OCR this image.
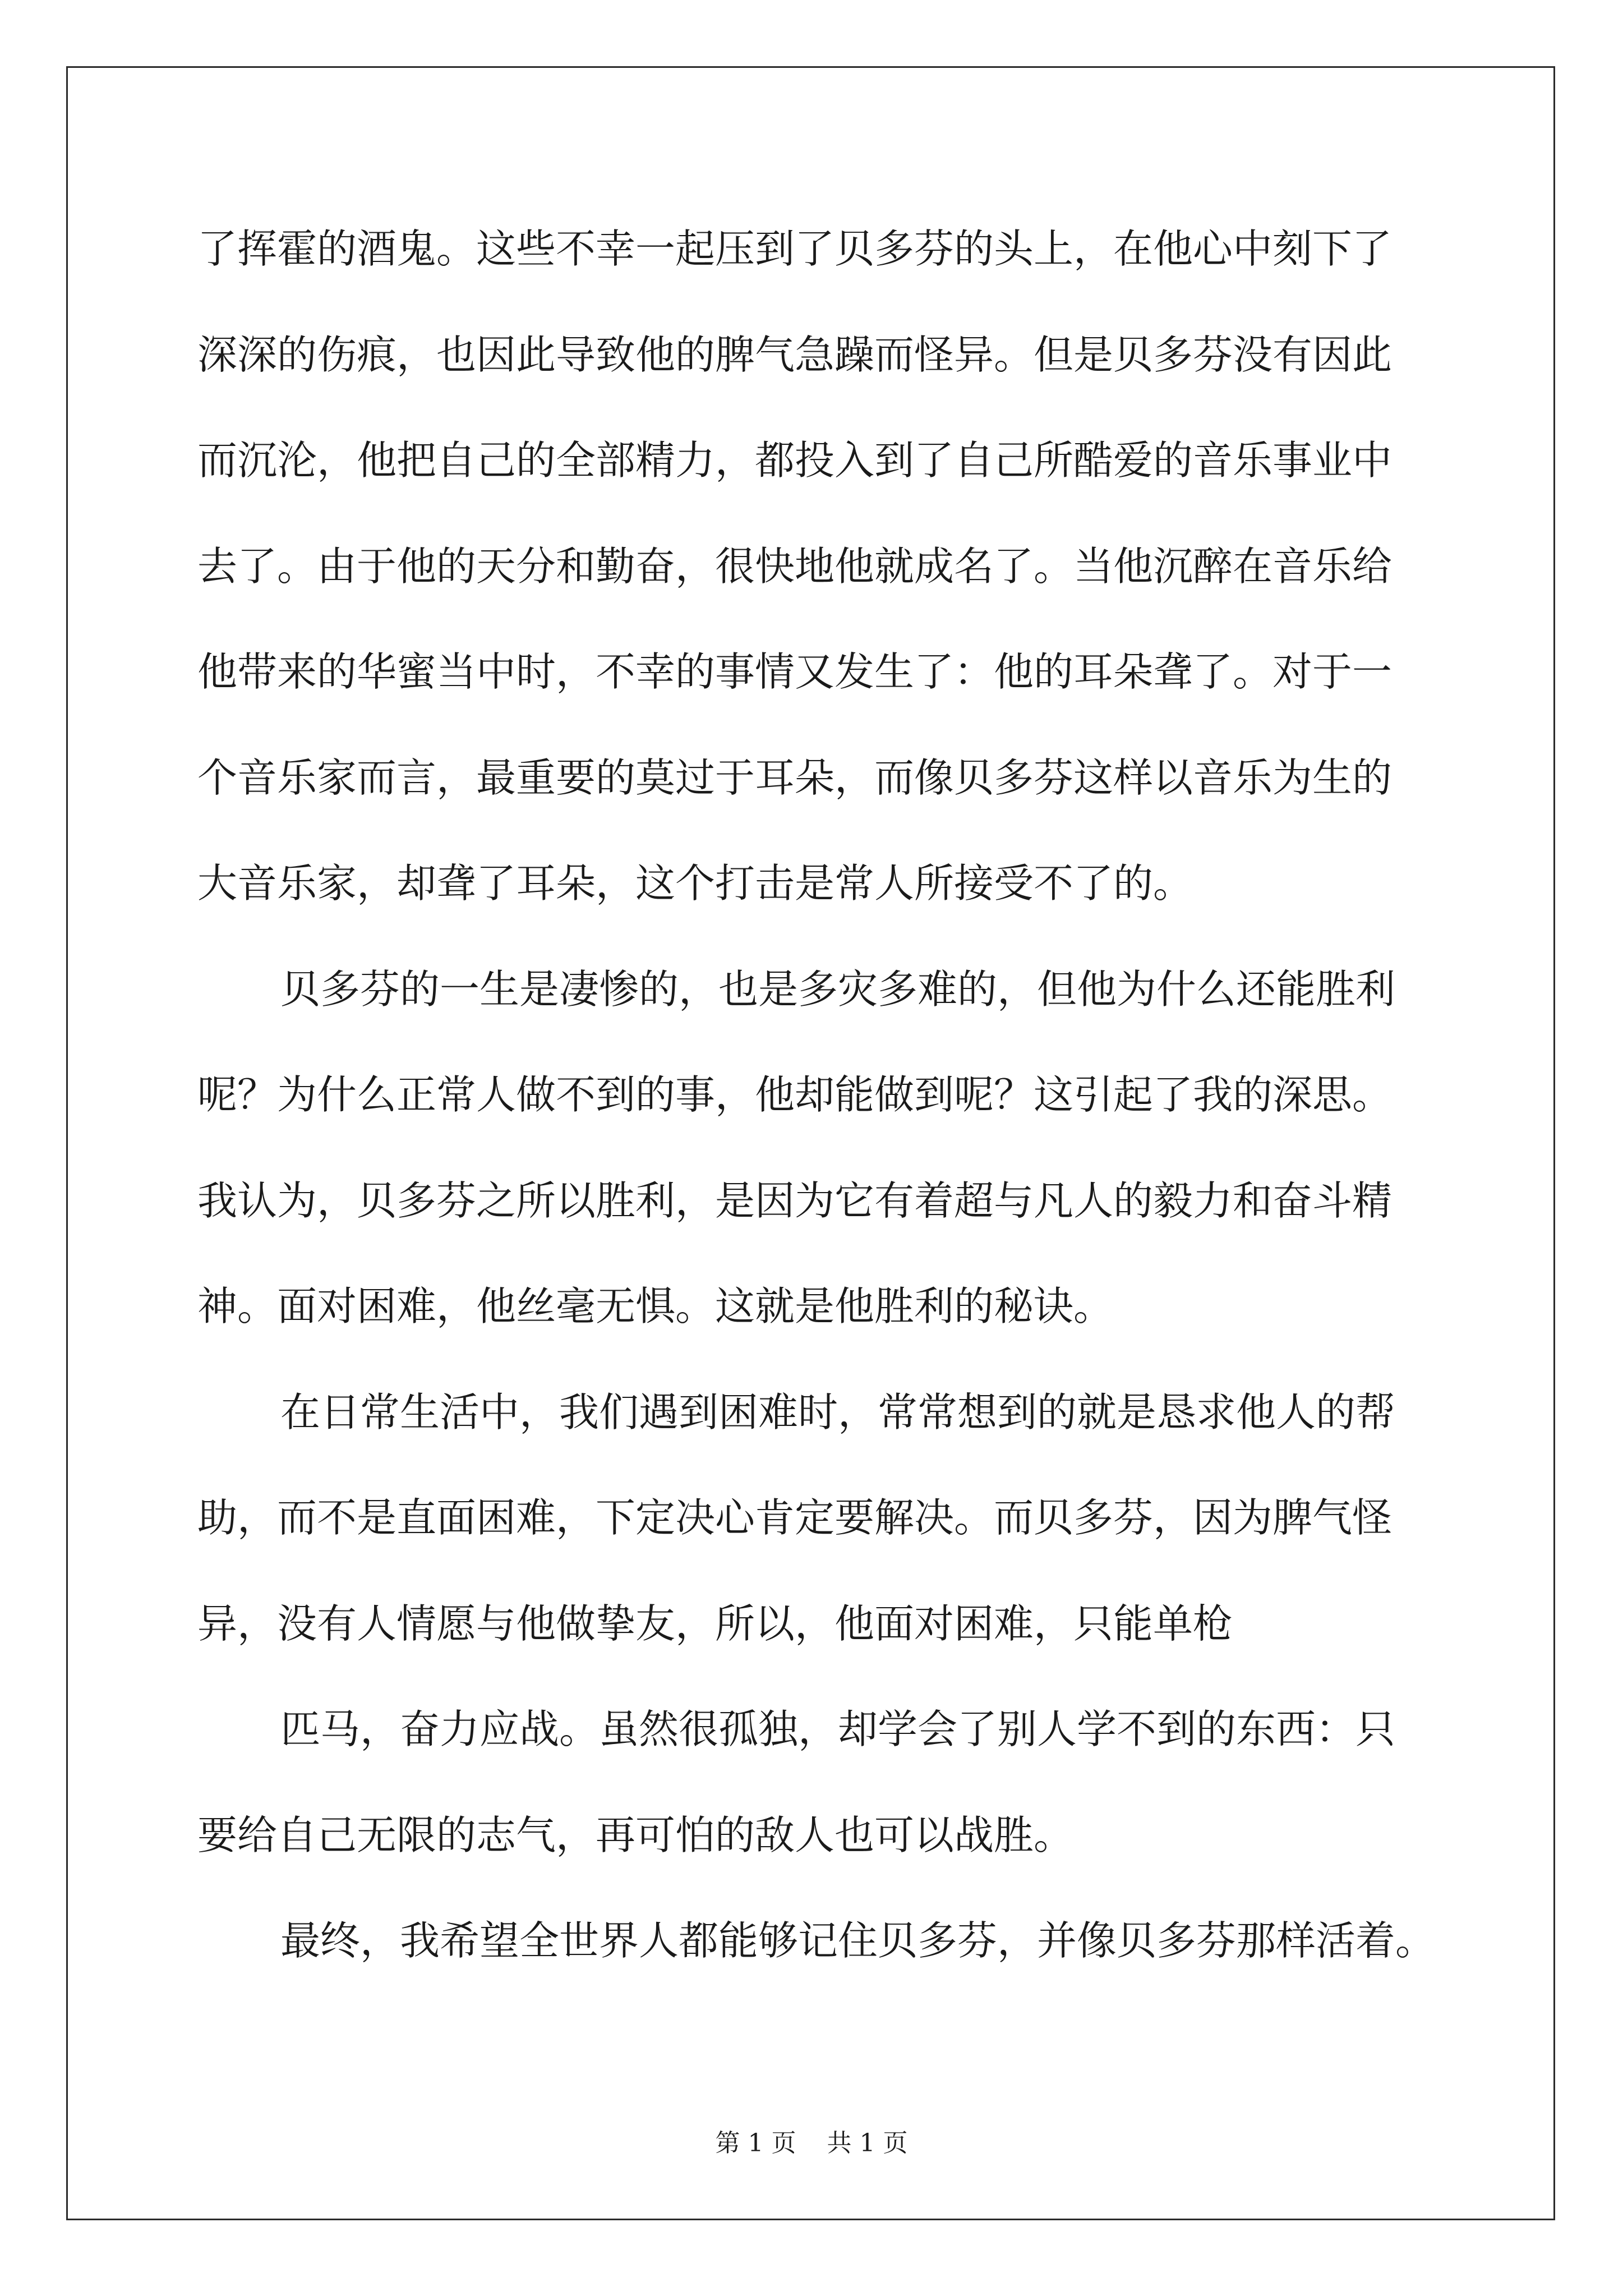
了挥霍的酒鬼。这些不幸一起压到了贝多芬的头上，在他心中刻下了
深深的伤痕，也因此导致他的脾气急躁而怪异。但是贝多芬没有因此
而沉沦，他把自己的全部精力，都投入到了自己所酷爱的音乐事业中
去了。由于他的天分和勤奋，很快地他就成名了。当他沉醉在音乐给
他带来的华蜜当中时，不幸的事情又发生了：他的耳朵聋了。对于一
个音乐家而言，最重要的莫过于耳朵，而像贝多芬这样以音乐为生的
大音乐家，却聋了耳朵，这个打击是常人所接受不了的。
贝多芬的一生是凄惨的，也是多灾多难的，但他为什么还能胜利
呢？为什么正常人做不到的事，他却能做到呢？这引起了我的深思。
我认为，贝多芬之所以胜利，是因为它有着超与凡人的毅力和奋斗精
神。面对困难，他丝毫无惧。这就是他胜利的秘诀。
在日常生活中，我们遇到困难时，常常想到的就是恳求他人的帮
助，而不是直面困难，下定决心肯定要解决。而贝多芬，因为脾气怪
异，没有人情愿与他做挚友，所以，他面对困难，只能单枪
匹马，奋力应战。虽然很孤独，却学会了别人学不到的东西：只
要给自己无限的志气，再可怕的敌人也可以战胜。
最终，我希望全世界人都能够记住贝多芬，并像贝多芬那样活着。
第 1 页 共 1 页
